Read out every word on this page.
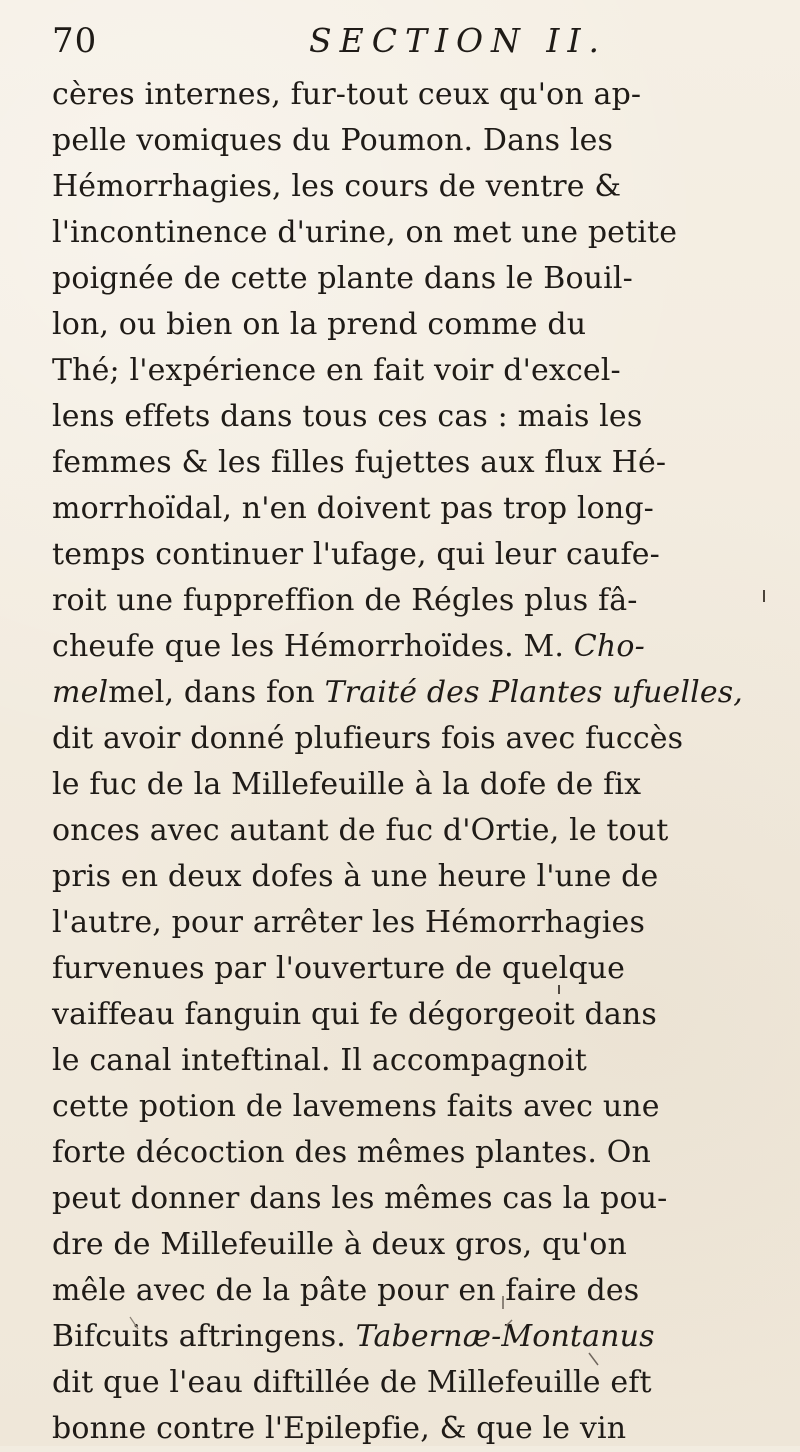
70	SECTION II.
cères internes, fur-tout ceux qu'on ap-
pelle vomiques du Poumon. Dans les
Hémorrhagies, les cours de ventre &
l'incontinence d'urine, on met une petite
poignée de cette plante dans le Bouil-
lon, ou bien on la prend comme du
Thé; l'expérience en fait voir d'excel-
lens effets dans tous ces cas : mais les
femmes & les filles fujettes aux flux Hé-
morrhoïdal, n'en doivent pas trop long-
temps continuer l'ufage, qui leur caufe-
roit une fuppreffion de Régles plus fâ-
cheufe que les Hémorrhoïdes. M. Cho-
melmel, dans fon Traité des Plantes ufuelles,
dit avoir donné plufieurs fois avec fuccès
le fuc de la Millefeuille à la dofe de fix
onces avec autant de fuc d'Ortie, le tout
pris en deux dofes à une heure l'une de
l'autre, pour arrêter les Hémorrhagies
furvenues par l'ouverture de quelque
vaiffeau fanguin qui fe dégorgeoit dans
le canal inteftinal. Il accompagnoit
cette potion de lavemens faits avec une
forte décoction des mêmes plantes. On
peut donner dans les mêmes cas la pou-
dre de Millefeuille à deux gros, qu'on
mêle avec de la pâte pour en faire des
Bifcuits aftringens. Tabernæ-Montanus
dit que l'eau diftillée de Millefeuille eft
bonne contre l'Epilepfie, & que le vin
